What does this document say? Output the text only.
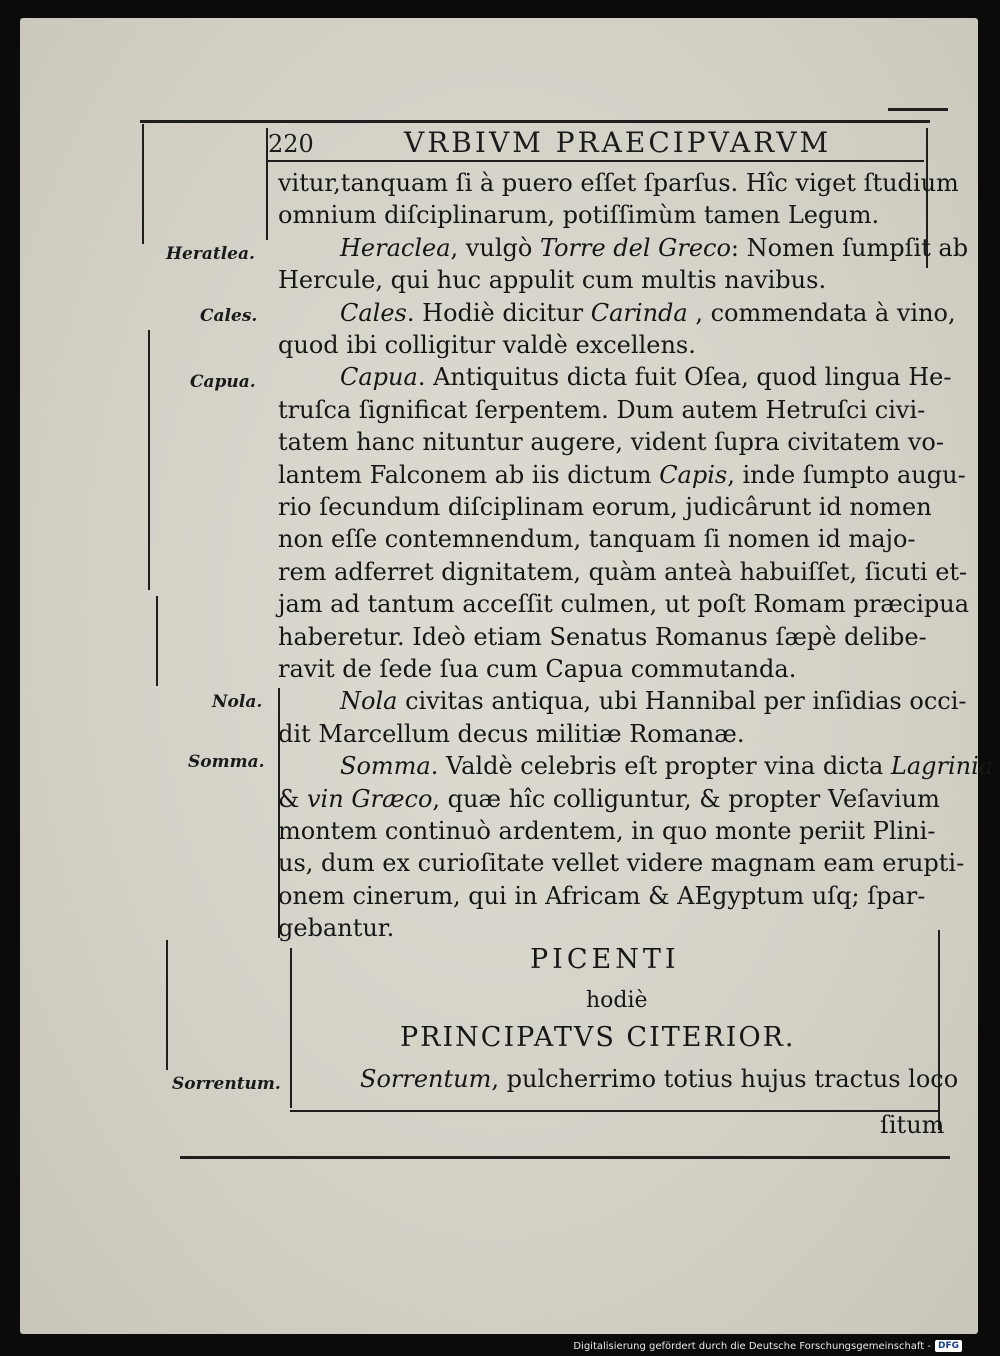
220	VRBIVM PRAECIPVARVM
Heratlea.
Cales.
Capua.
Nola.
Somma.
Sorrentum.
vitur,tanquam ſi à puero eſſet ſparſus. Hîc viget ſtudium
omnium diſciplinarum, potiſſimùm tamen Legum.
Heraclea, vulgò Torre del Greco: Nomen ſumpſit ab
Hercule, qui huc appulit cum multis navibus.
Cales. Hodiè dicitur Carinda , commendata à vino,
quod ibi colligitur valdè excellens.
Capua. Antiquitus dicta fuit Oſea, quod lingua He-
truſca ſignificat ſerpentem. Dum autem Hetruſci civi-
tatem hanc nituntur augere, vident ſupra civitatem vo-
lantem Falconem ab iis dictum Capis, inde ſumpto augu-
rio ſecundum diſciplinam eorum, judicârunt id nomen
non eſſe contemnendum, tanquam ſi nomen id majo-
rem adferret dignitatem, quàm anteà habuiſſet, ſicuti et-
jam ad tantum acceſſit culmen, ut poſt Romam præcipua
haberetur. Ideò etiam Senatus Romanus ſæpè delibe-
ravit de ſede ſua cum Capua commutanda.
Nola civitas antiqua, ubi Hannibal per inſidias occi-
dit Marcellum decus militiæ Romanæ.
Somma. Valdè celebris eſt propter vina dicta Lagrinia
& vin Græco, quæ hîc colliguntur, & propter Veſavium
montem continuò ardentem, in quo monte periit Plini-
us, dum ex curioſitate vellet videre magnam eam erupti-
onem cinerum, qui in Africam & AEgyptum uſq; ſpar-
gebantur.
PICENTI
hodiè
PRINCIPATVS CITERIOR.
Sorrentum, pulcherrimo totius hujus tractus loco
ſitum
Digitalisierung gefördert durch die Deutsche Forschungsgemeinschaft - DFG
